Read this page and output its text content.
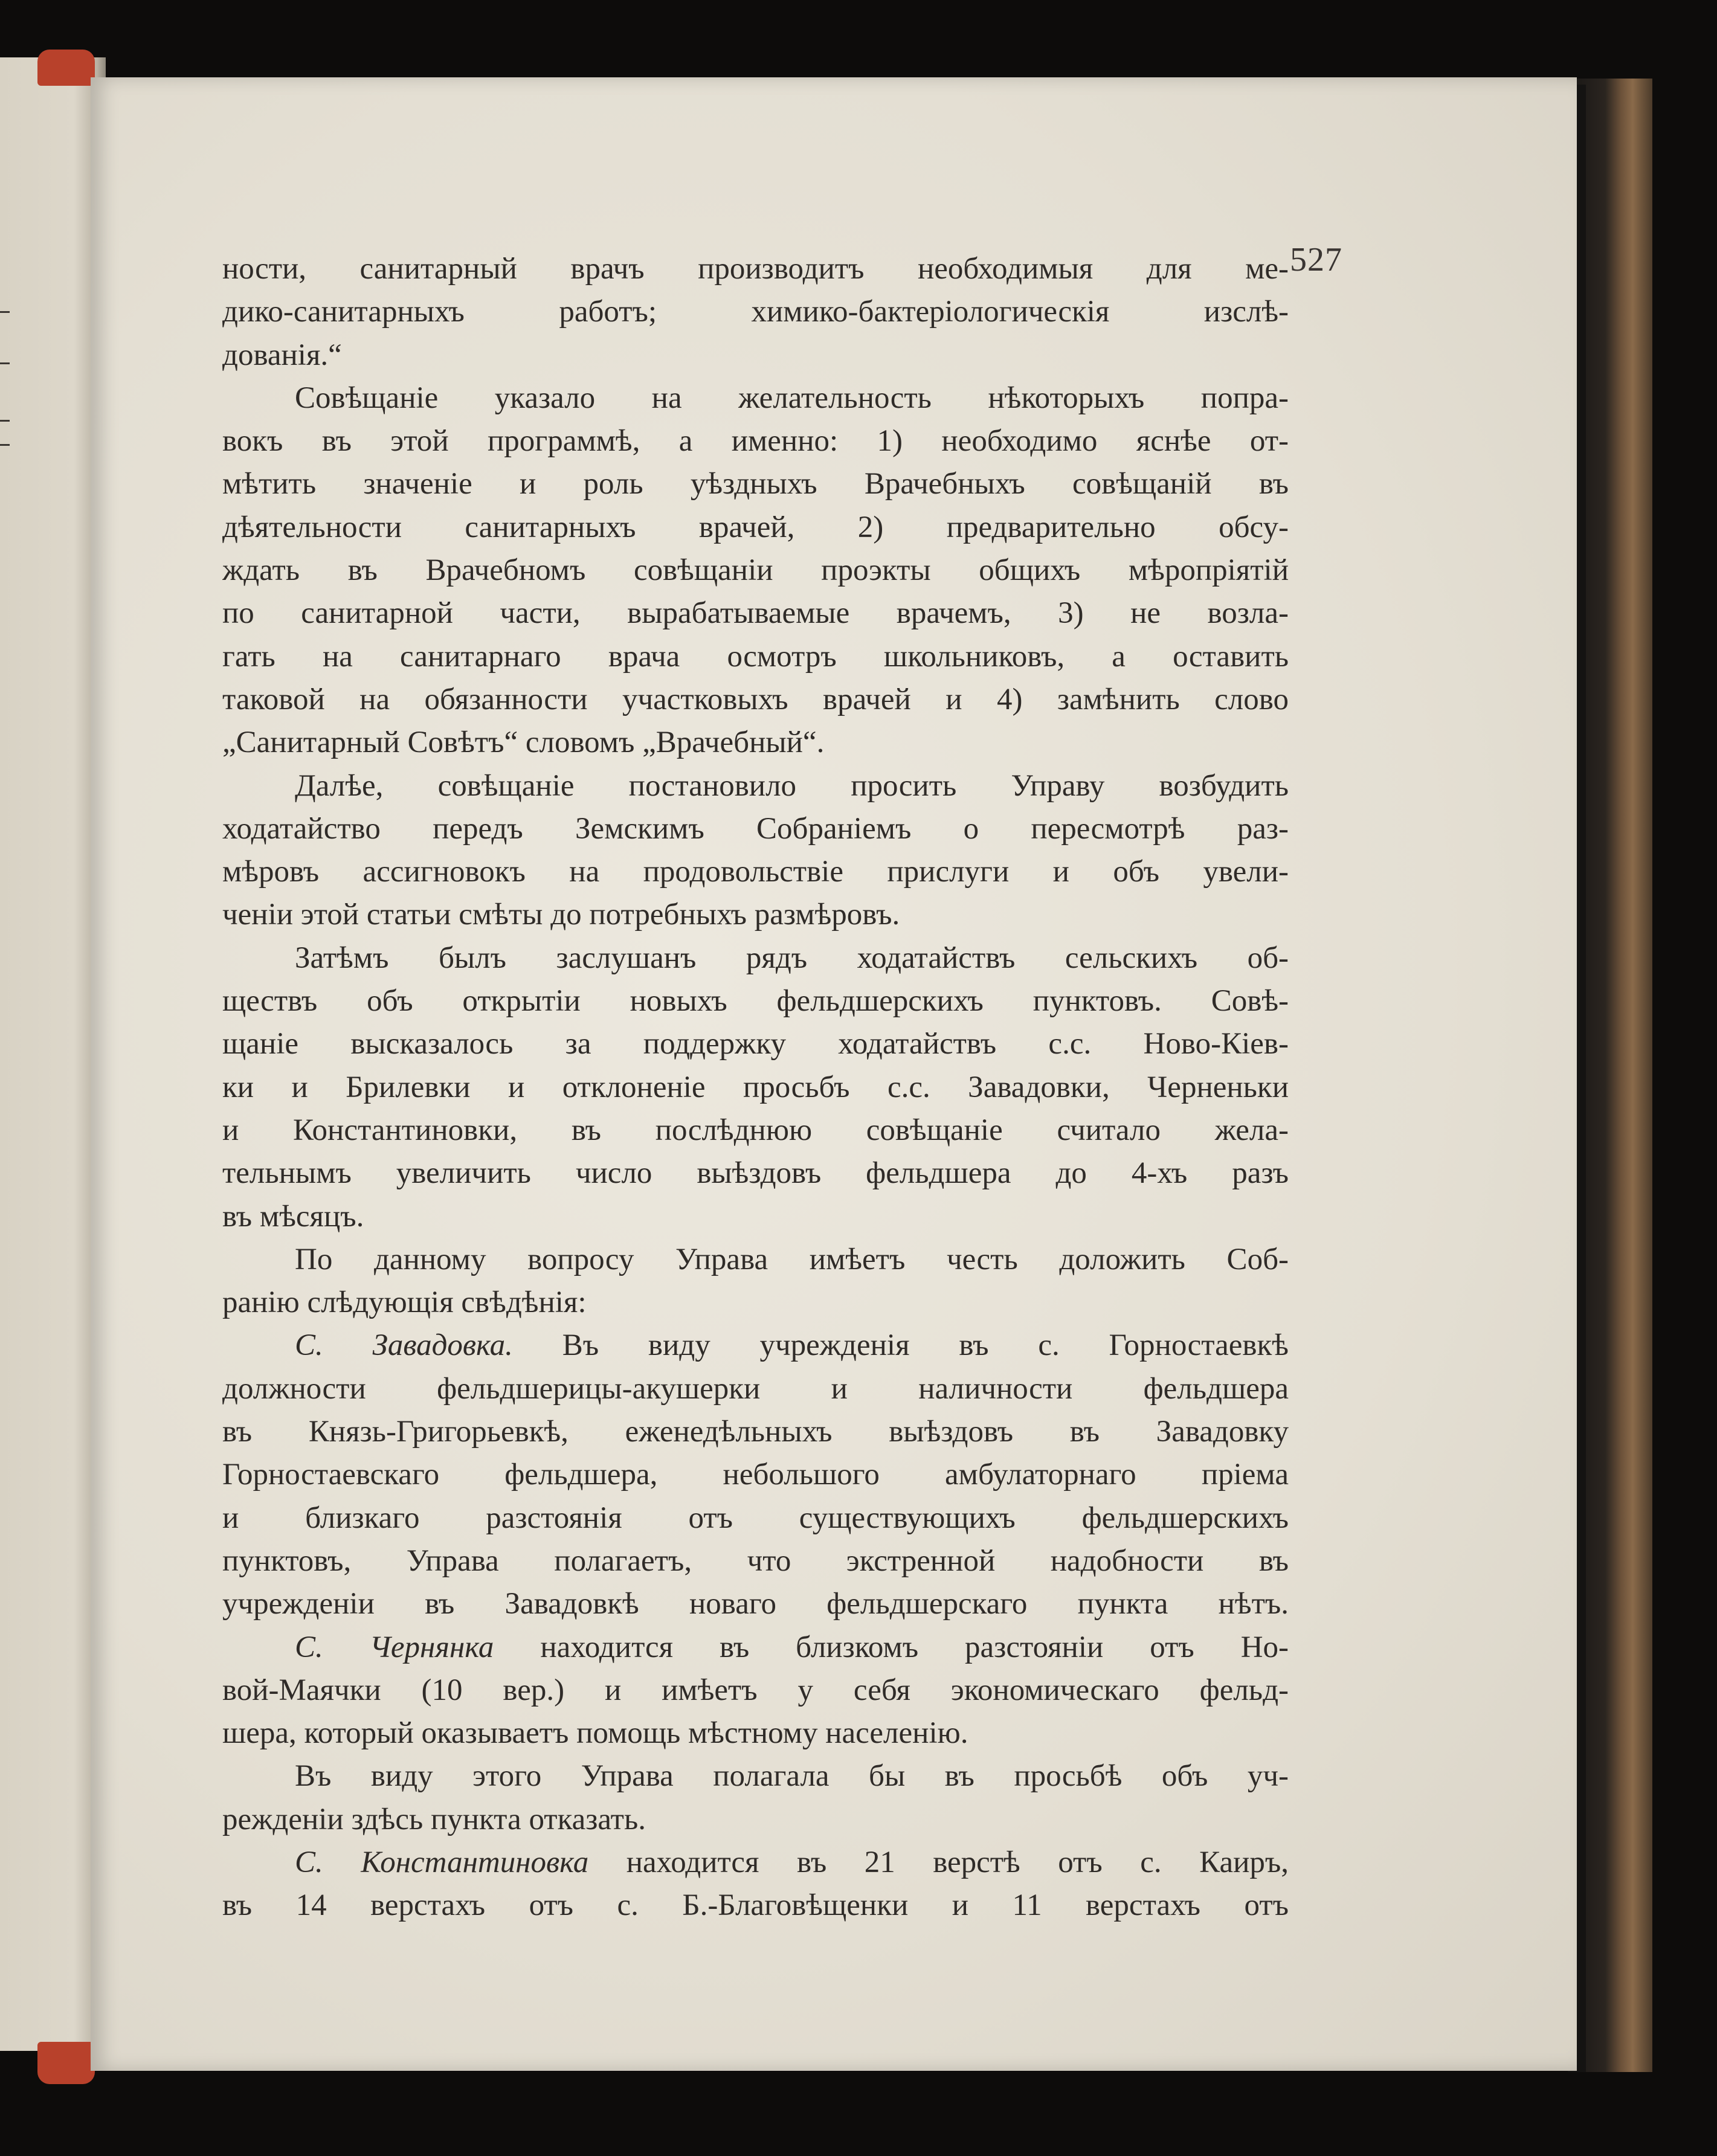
527
ности, санитарный врачъ производитъ необходимыя для ме-
дико-санитарныхъ работъ; химико-бактеріологическія изслѣ-
дованія.“
Совѣщаніе указало на желательность нѣкоторыхъ попра-
вокъ въ этой программѣ, а именно: 1) необходимо яснѣе от-
мѣтить значеніе и роль уѣздныхъ Врачебныхъ совѣщаній въ
дѣятельности санитарныхъ врачей, 2) предварительно обсу-
ждать въ Врачебномъ совѣщаніи проэкты общихъ мѣропріятій
по санитарной части, вырабатываемые врачемъ, 3) не возла-
гать на санитарнаго врача осмотръ школьниковъ, а оставить
таковой на обязанности участковыхъ врачей и 4) замѣнить слово
„Санитарный Совѣтъ“ словомъ „Врачебный“.
Далѣе, совѣщаніе постановило просить Управу возбудить
ходатайство передъ Земскимъ Собраніемъ о пересмотрѣ раз-
мѣровъ ассигновокъ на продовольствіе прислуги и объ увели-
ченіи этой статьи смѣты до потребныхъ размѣровъ.
Затѣмъ былъ заслушанъ рядъ ходатайствъ сельскихъ об-
ществъ объ открытіи новыхъ фельдшерскихъ пунктовъ. Совѣ-
щаніе высказалось за поддержку ходатайствъ с.с. Ново-Кіев-
ки и Брилевки и отклоненіе просьбъ с.с. Завадовки, Черненьки
и Константиновки, въ послѣднюю совѣщаніе считало жела-
тельнымъ увеличить число выѣздовъ фельдшера до 4-хъ разъ
въ мѣсяцъ.
По данному вопросу Управа имѣетъ честь доложить Соб-
ранію слѣдующія свѣдѣнія:
С. Завадовка. Въ виду учрежденія въ с. Горностаевкѣ
должности фельдшерицы-акушерки и наличности фельдшера
въ Князь-Григорьевкѣ, еженедѣльныхъ выѣздовъ въ Завадовку
Горностаевскаго фельдшера, небольшого амбулаторнаго пріема
и близкаго разстоянія отъ существующихъ фельдшерскихъ
пунктовъ, Управа полагаетъ, что экстренной надобности въ
учрежденіи въ Завадовкѣ новаго фельдшерскаго пункта нѣтъ.
С. Чернянка находится въ близкомъ разстояніи отъ Но-
вой-Маячки (10 вер.) и имѣетъ у себя экономическаго фельд-
шера, который оказываетъ помощь мѣстному населенію.
Въ виду этого Управа полагала бы въ просьбѣ объ уч-
режденіи здѣсь пункта отказать.
С. Константиновка находится въ 21 верстѣ отъ с. Каиръ,
въ 14 верстахъ отъ с. Б.-Благовѣщенки и 11 верстахъ отъ
